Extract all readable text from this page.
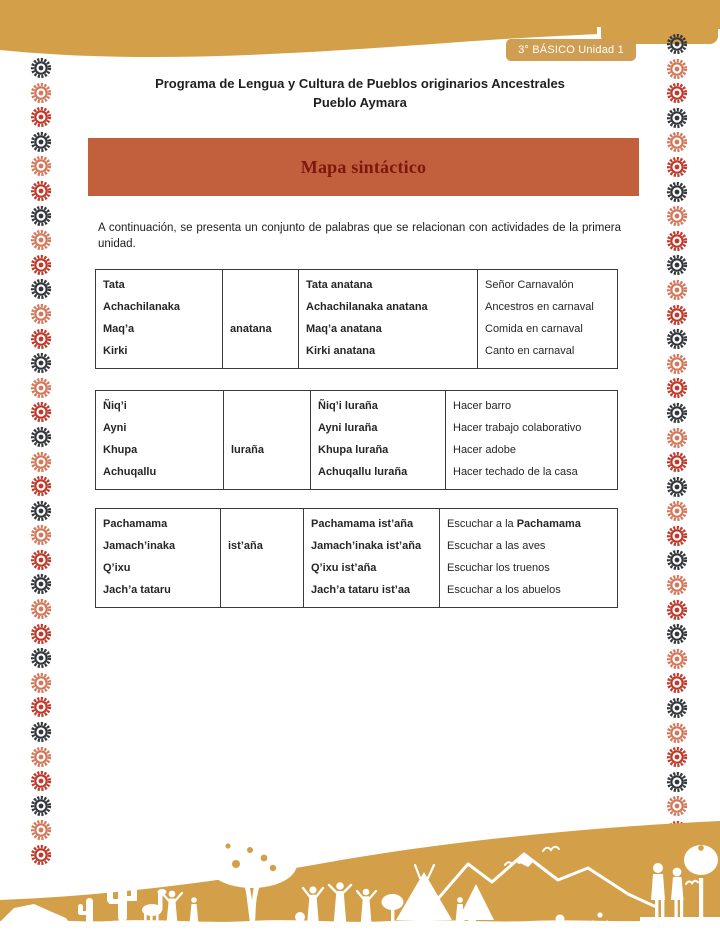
3° BÁSICO Unidad 1
Programa de Lengua y Cultura de Pueblos originarios Ancestrales
Pueblo Aymara
Mapa sintáctico

A continuación, se presenta un conjunto de palabras que se relacionan con actividades de la primera unidad.

Tata

Achachilanaka

Maq’a

Kirki

anatana

Tata anatana

Achachilanaka anatana

Maq’a anatana

Kirki anatana

Señor Carnavalón

Ancestros en carnaval

Comida en carnaval

Canto en carnaval

Ñiq’i

Ayni

Khupa

Achuqallu

luraña

Ñiq’i luraña

Ayni luraña

Khupa luraña

Achuqallu luraña

Hacer barro

Hacer trabajo colaborativo

Hacer adobe

Hacer techado de la casa

Pachamama

Jamach’inaka

Q’ixu

Jach’a tataru

ist’aña

Pachamama ist’aña

Jamach’inaka ist’aña

Q’ixu ist’aña

Jach’a tataru ist’aa

Escuchar a la Pachamama

Escuchar a las aves

Escuchar los truenos

Escuchar a los abuelos
